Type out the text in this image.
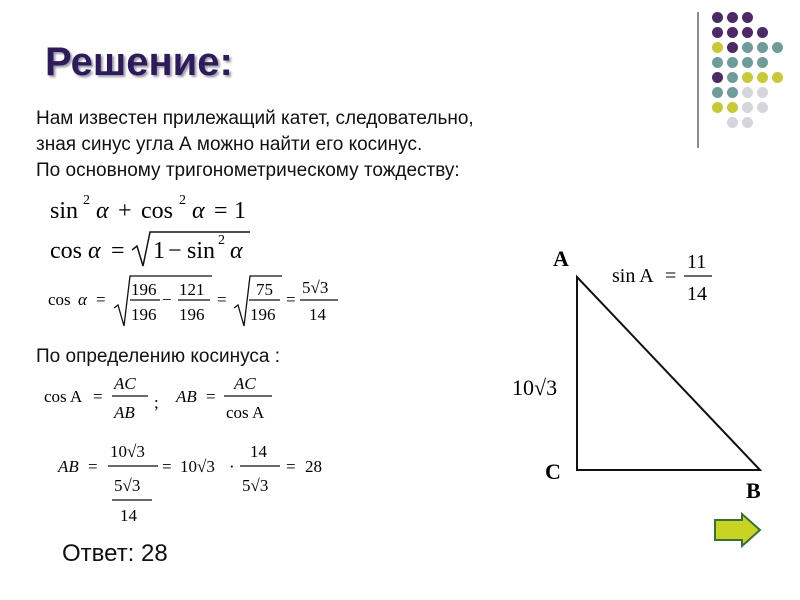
Решение:
Нам известен прилежащий катет, следовательно,
зная синус угла А можно найти его косинус.
По основному тригонометрическому тождеству:
По определению косинуса :
Ответ: 28
sin 2 α + cos 2 α = 1
cos α = 1 − sin 2 α
cos α =
196
196
−
121
196
=
75
196
=
5√3
14
cos A =
AC
AB
; AB =
AC
cos A
AB =
10√3
5√3
14
= 10√3 ·
14
5√3
= 28
A
C
B
10√3
sin A =
11
14
